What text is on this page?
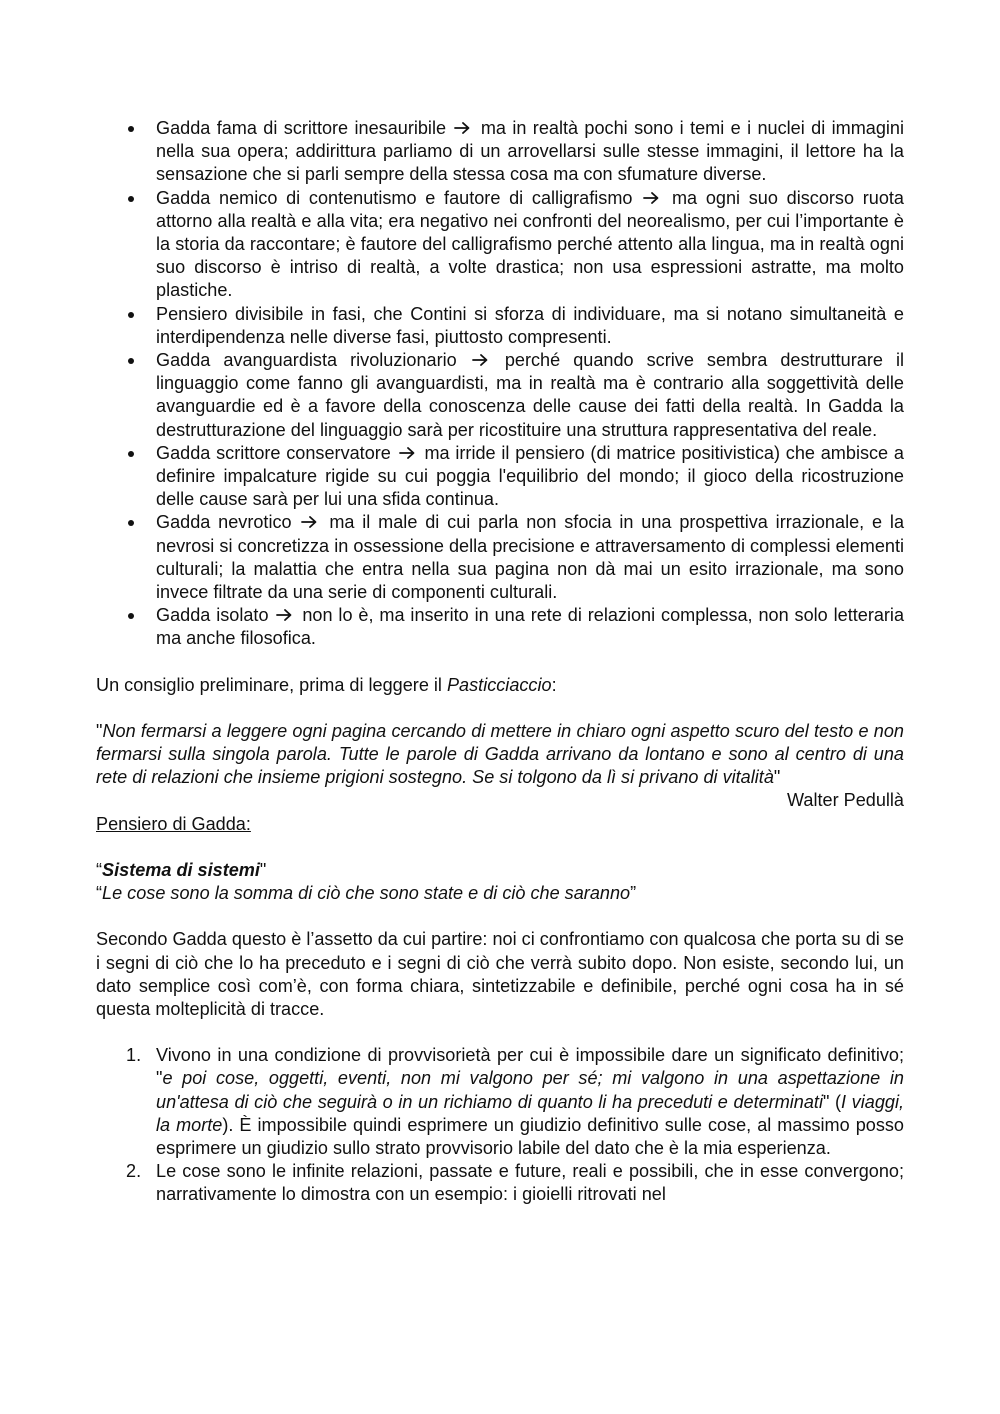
Gadda fama di scrittore inesauribile ma in realtà pochi sono i temi e i nuclei di immagini nella sua opera; addirittura parliamo di un arrovellarsi sulle stesse immagini, il lettore ha la sensazione che si parli sempre della stessa cosa ma con sfumature diverse.
Gadda nemico di contenutismo e fautore di calligrafismo ma ogni suo discorso ruota attorno alla realtà e alla vita; era negativo nei confronti del neorealismo, per cui l’importante è la storia da raccontare; è fautore del calligrafismo perché attento alla lingua, ma in realtà ogni suo discorso è intriso di realtà, a volte drastica; non usa espressioni astratte, ma molto plastiche.
Pensiero divisibile in fasi, che Contini si sforza di individuare, ma si notano simultaneità e interdipendenza nelle diverse fasi, piuttosto compresenti.
Gadda avanguardista rivoluzionario	perché quando scrive sembra destrutturare il linguaggio come fanno gli avanguardisti, ma in realtà ma è contrario alla soggettività delle avanguardie ed è a favore della conoscenza delle cause dei fatti della realtà. In Gadda la destrutturazione del linguaggio sarà per ricostituire una struttura rappresentativa del reale.
Gadda scrittore conservatore ma irride il pensiero (di matrice positivistica) che ambisce a definire impalcature rigide su cui poggia l'equilibrio del mondo; il gioco della ricostruzione delle cause sarà per lui una sfida continua.
Gadda nevrotico ma il male di cui parla non sfocia in una prospettiva irrazionale, e la nevrosi si concretizza in ossessione della precisione e attraversamento di complessi elementi culturali; la malattia che entra nella sua pagina non dà mai un esito irrazionale, ma sono invece filtrate da una serie di componenti culturali.
Gadda isolato non lo è, ma inserito in una rete di relazioni complessa, non solo letteraria ma anche filosofica.

Un consiglio preliminare, prima di leggere il Pasticciaccio:

"Non fermarsi a leggere ogni pagina cercando di mettere in chiaro ogni aspetto scuro del testo e non fermarsi sulla singola parola. Tutte le parole di Gadda arrivano da lontano e sono al centro di una rete di relazioni che insieme prigioni sostegno. Se si tolgono da lì si privano di vitalità"

Walter Pedullà

Pensiero di Gadda:

“Sistema di sistemi"

“Le cose sono la somma di ciò che sono state e di ciò che saranno”

Secondo Gadda questo è l’assetto da cui partire: noi ci confrontiamo con qualcosa che porta su di se i segni di ciò che lo ha preceduto e i segni di ciò che verrà subito dopo. Non esiste, secondo lui, un dato semplice così com’è, con forma chiara, sintetizzabile e definibile, perché ogni cosa ha in sé questa molteplicità di tracce.

1. Vivono in una condizione di provvisorietà per cui è impossibile dare un significato definitivo; "e poi cose, oggetti, eventi, non mi valgono per sé; mi valgono in una aspettazione in un'attesa di ciò che seguirà o in un richiamo di quanto li ha preceduti e determinati" (I viaggi, la morte). È impossibile quindi esprimere un giudizio definitivo sulle cose, al massimo posso esprimere un giudizio sullo strato provvisorio labile del dato che è la mia esperienza.
2. Le cose sono le infinite relazioni, passate e future, reali e possibili, che in esse convergono; narrativamente lo dimostra con un esempio: i gioielli ritrovati nel
